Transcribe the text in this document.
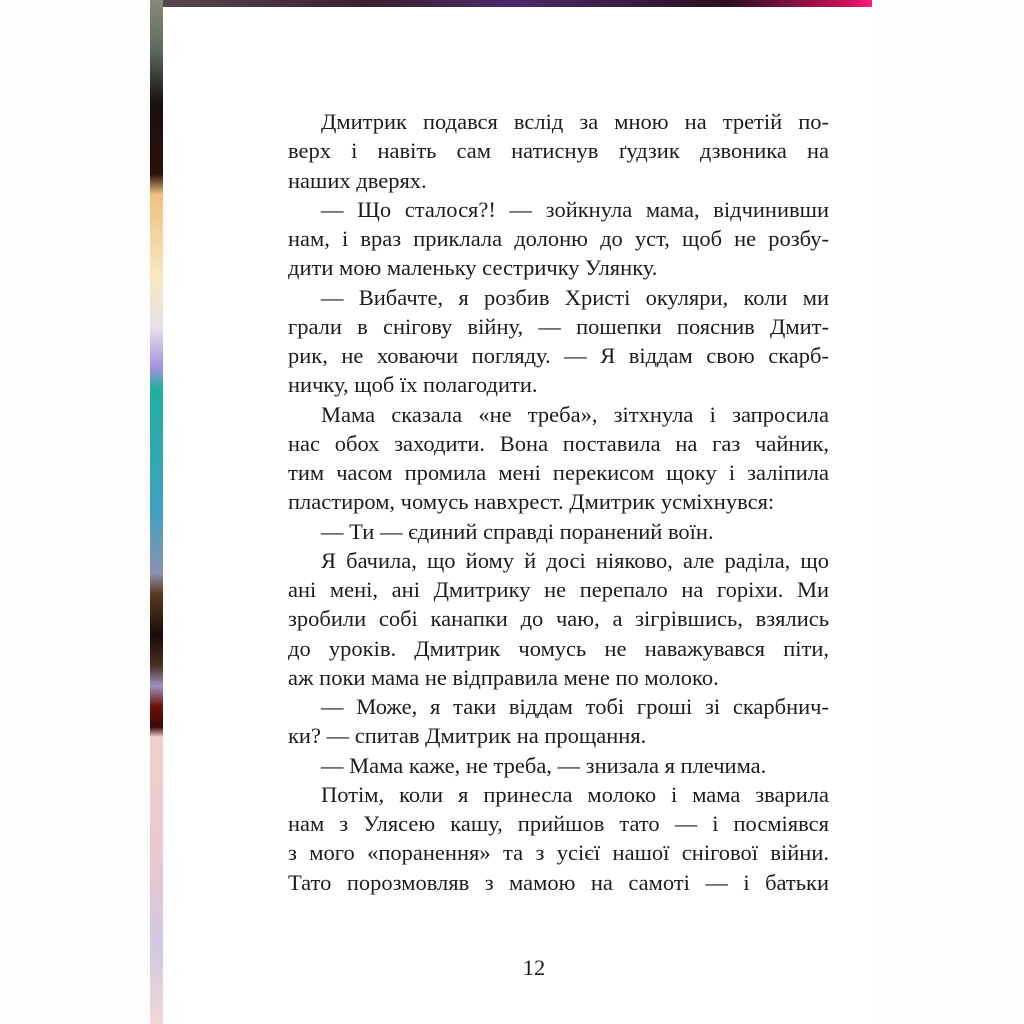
Дмитрик подався вслід за мною на третій по-
верх і навіть сам натиснув ґудзик дзвоника на
наших дверях.
— Що сталося?! — зойкнула мама, відчинивши
нам, і враз приклала долоню до уст, щоб не розбу-
дити мою маленьку сестричку Улянку.
— Вибачте, я розбив Христі окуляри, коли ми
грали в снігову війну, — пошепки пояснив Дмит-
рик, не ховаючи погляду. — Я віддам свою скарб-
ничку, щоб їх полагодити.
Мама сказала «не треба», зітхнула і запросила
нас обох заходити. Вона поставила на газ чайник,
тим часом промила мені перекисом щоку і заліпила
пластиром, чомусь навхрест. Дмитрик усміхнувся:
— Ти — єдиний справді поранений воїн.
Я бачила, що йому й досі ніяково, але раділа, що
ані мені, ані Дмитрику не перепало на горіхи. Ми
зробили собі канапки до чаю, а зігрівшись, взялись
до уроків. Дмитрик чомусь не наважувався піти,
аж поки мама не відправила мене по молоко.
— Може, я таки віддам тобі гроші зі скарбнич-
ки? — спитав Дмитрик на прощання.
— Мама каже, не треба, — знизала я плечима.
Потім, коли я принесла молоко і мама зварила
нам з Улясею кашу, прийшов тато — і посміявся
з мого «поранення» та з усієї нашої снігової війни.
Тато порозмовляв з мамою на самоті — і батьки
12
